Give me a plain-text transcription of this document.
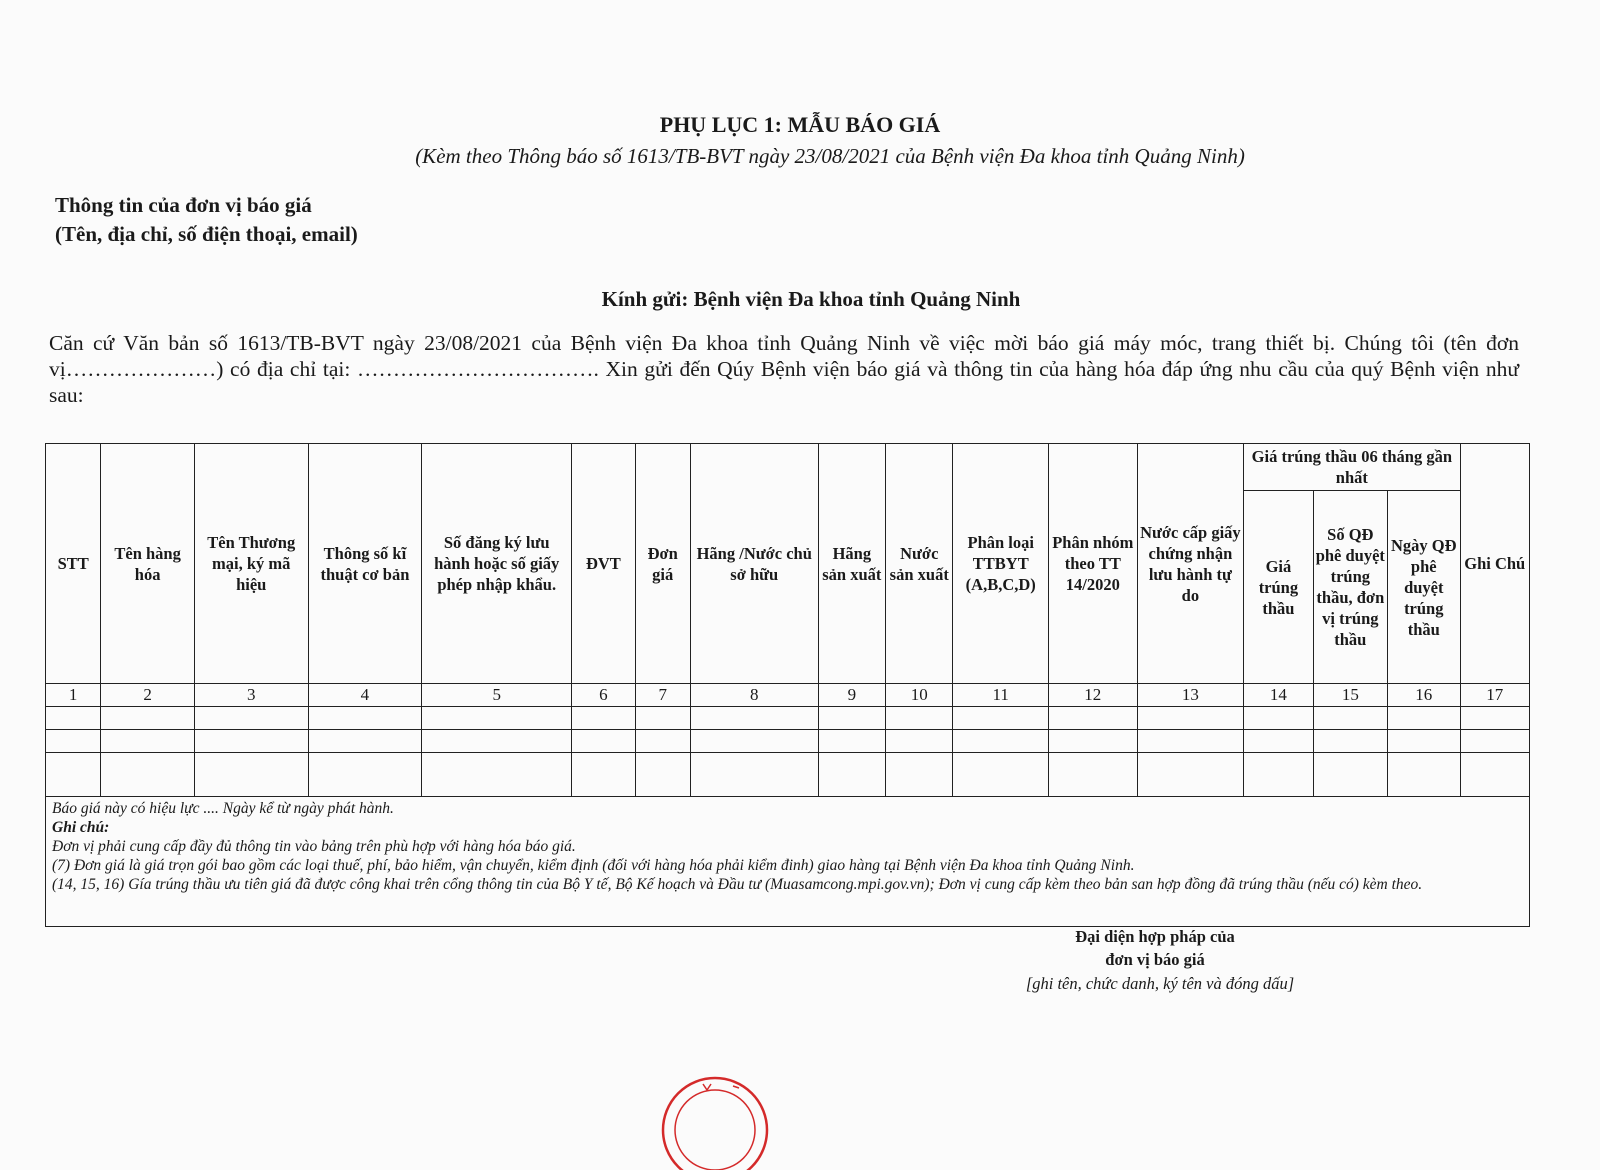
PHỤ LỤC 1: MẪU BÁO GIÁ
(Kèm theo Thông báo số 1613/TB-BVT ngày 23/08/2021 của Bệnh viện Đa khoa tỉnh Quảng Ninh)
Thông tin của đơn vị báo giá
(Tên, địa chỉ, số điện thoại, email)
Kính gửi: Bệnh viện Đa khoa tỉnh Quảng Ninh
Căn cứ Văn bản số 1613/TB-BVT ngày 23/08/2021 của Bệnh viện Đa khoa tỉnh Quảng Ninh về việc mời báo giá máy móc, trang thiết bị. Chúng tôi (tên đơn vị…………………) có địa chỉ tại: ……………………………. Xin gửi đến Qúy Bệnh viện báo giá và thông tin của hàng hóa đáp ứng nhu cầu của quý Bệnh viện như sau:
STT	Tên hàng hóa	Tên Thương mại, ký mã hiệu	Thông số kĩ thuật cơ bản	Số đăng ký lưu hành hoặc số giấy phép nhập khẩu.	ĐVT	Đơn giá	Hãng /Nước chủ sở hữu	Hãng sản xuất	Nước sản xuất	Phân loại TTBYT (A,B,C,D)	Phân nhóm theo TT 14/2020	Nước cấp giấy chứng nhận lưu hành tự do	Giá trúng thầu 06 tháng gần nhất			Ghi Chú
													Giá trúng thầu	Số QĐ phê duyệt trúng thầu, đơn vị trúng thầu	Ngày QĐ phê duyệt trúng thầu	
1	2	3	4	5	6	7	8	9	10	11	12	13	14	15	16	17

Báo giá này có hiệu lực .... Ngày kể từ ngày phát hành.
Ghi chú:
Đơn vị phải cung cấp đầy đủ thông tin vào bảng trên phù hợp với hàng hóa báo giá.
(7) Đơn giá là giá trọn gói bao gồm các loại thuế, phí, bảo hiểm, vận chuyển, kiểm định (đối với hàng hóa phải kiểm đinh) giao hàng tại Bệnh viện Đa khoa tỉnh Quảng Ninh.
(14, 15, 16) Gía trúng thầu ưu tiên giá đã được công khai trên cổng thông tin của Bộ Y tế, Bộ Kế hoạch và Đầu tư (Muasamcong.mpi.gov.vn); Đơn vị cung cấp kèm theo bản san hợp đồng đã trúng thầu (nếu có) kèm theo.
Đại diện hợp pháp của
đơn vị báo giá
[ghi tên, chức danh, ký tên và đóng dấu]
